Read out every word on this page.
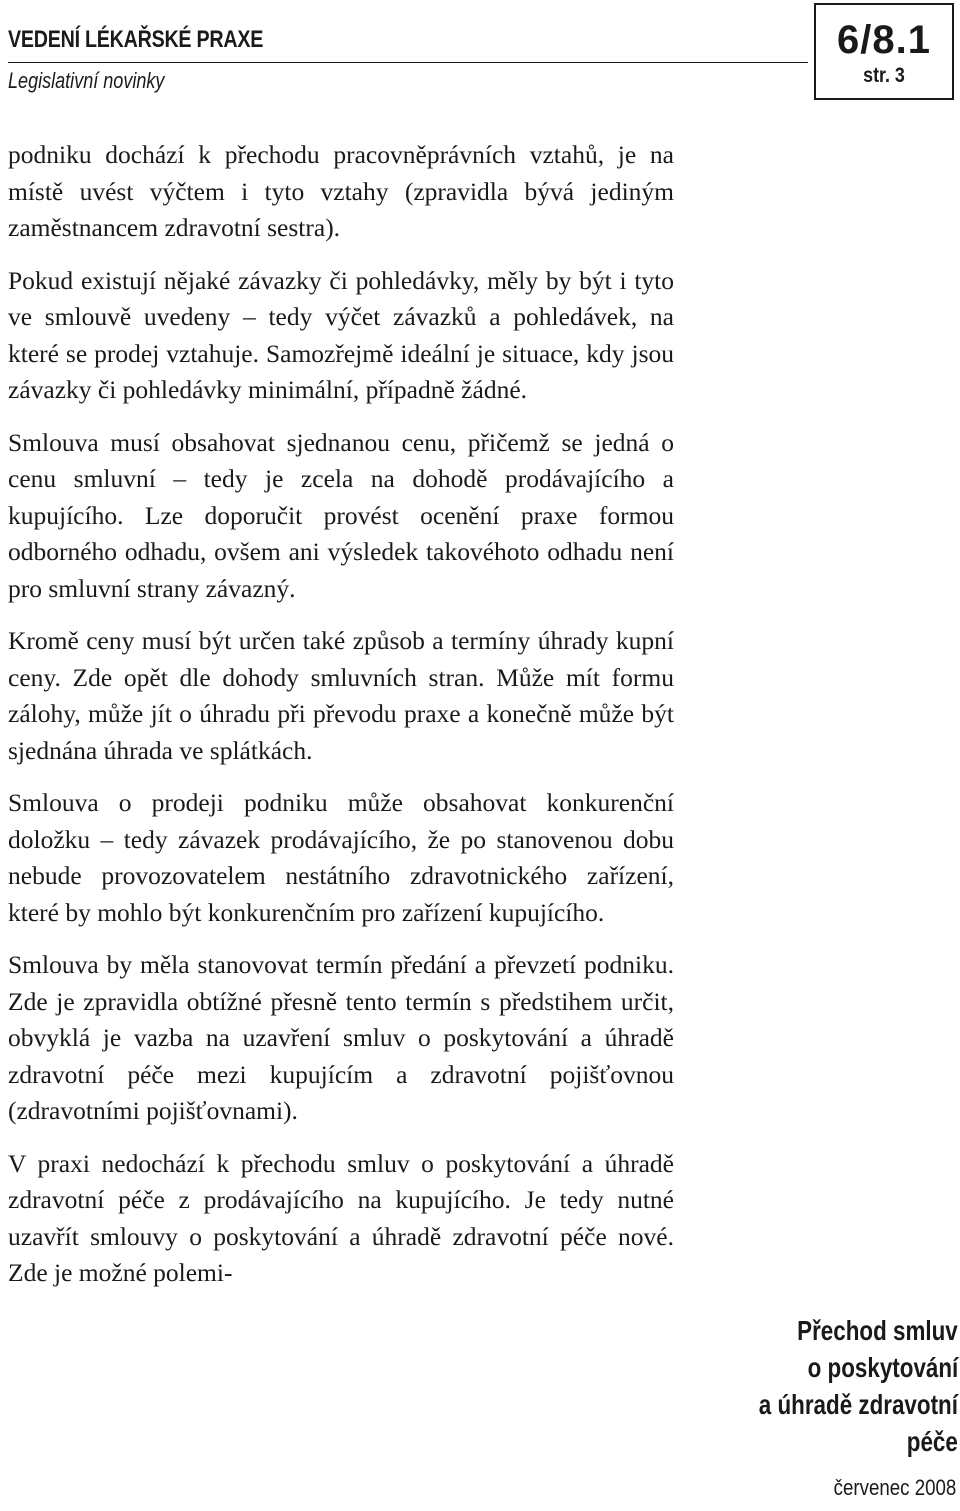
VEDENÍ LÉKAŘSKÉ PRAXE
Legislativní novinky
6/8.1
str. 3

podniku dochází k přechodu pracovněprávních vztahů, je na místě uvést výčtem i tyto vztahy (zpravidla bývá jediným zaměstnancem zdravotní sestra).

Pokud existují nějaké závazky či pohledávky, měly by být i tyto ve smlouvě uvedeny – tedy výčet závazků a pohledávek, na které se prodej vztahuje. Samozřejmě ideální je situace, kdy jsou závazky či pohledávky minimální, případně žádné.

Smlouva musí obsahovat sjednanou cenu, přičemž se jedná o cenu smluvní – tedy je zcela na dohodě prodávajícího a kupujícího. Lze doporučit provést ocenění praxe formou odborného odhadu, ovšem ani výsledek takovéhoto odhadu není pro smluvní strany závazný.

Kromě ceny musí být určen také způsob a termíny úhrady kupní ceny. Zde opět dle dohody smluvních stran. Může mít formu zálohy, může jít o úhradu při převodu praxe a konečně může být sjednána úhrada ve splátkách.

Smlouva o prodeji podniku může obsahovat konkurenční doložku – tedy závazek prodávajícího, že po stanovenou dobu nebude provozovatelem nestátního zdravotnického zařízení, které by mohlo být konkurenčním pro zařízení kupujícího.

Smlouva by měla stanovovat termín předání a převzetí podniku. Zde je zpravidla obtížné přesně tento termín s předstihem určit, obvyklá je vazba na uzavření smluv o poskytování a úhradě zdravotní péče mezi kupujícím a zdravotní pojišťovnou (zdravotními pojišťovnami).

V praxi nedochází k přechodu smluv o poskytování a úhradě zdravotní péče z prodávajícího na kupujícího. Je tedy nutné uzavřít smlouvy o poskytování a úhradě zdravotní péče nové. Zde je možné polemi-

Přechod smluv
o poskytování
a úhradě zdravotní
péče
červenec 2008
